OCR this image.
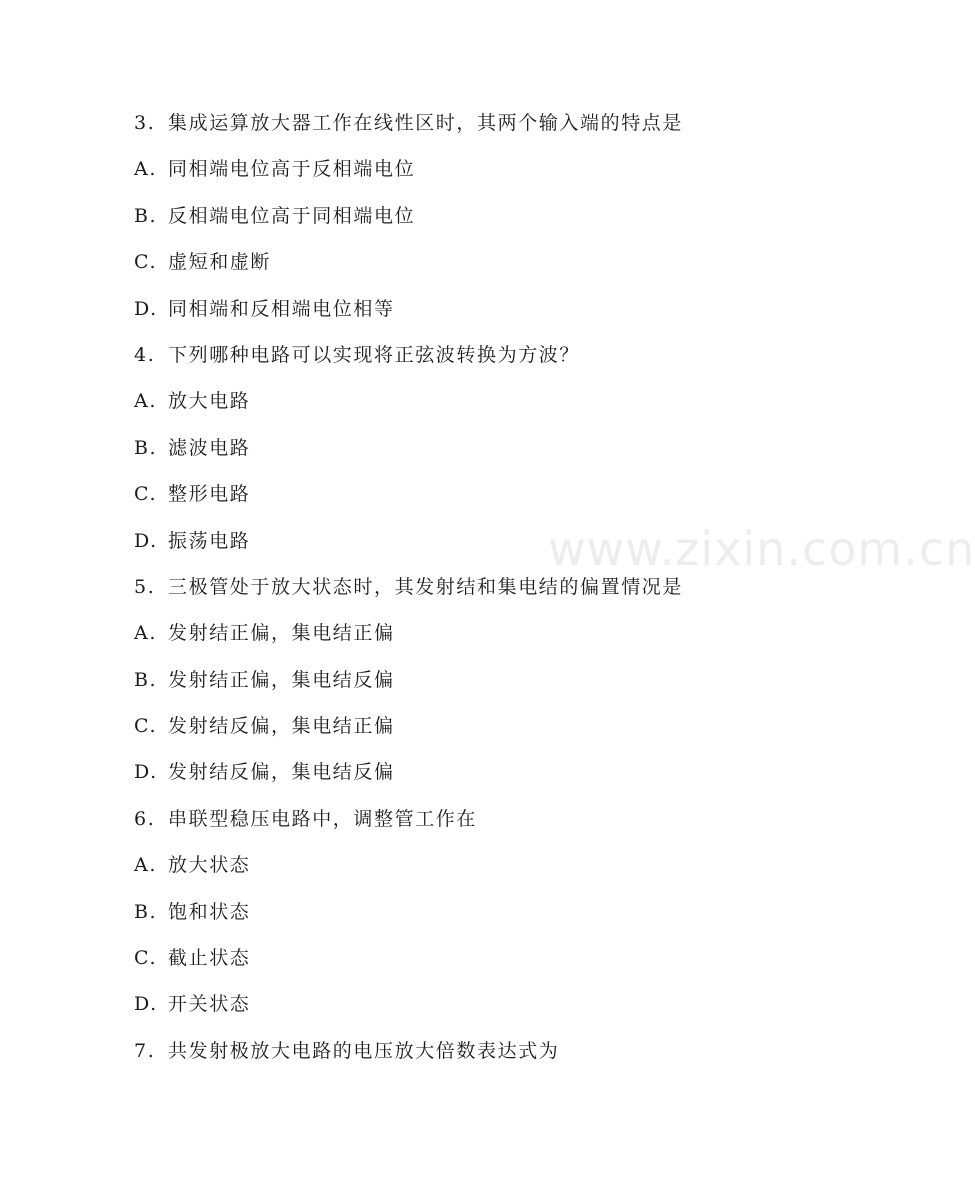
3. 集成运算放大器工作在线性区时，其两个输入端的特点是
A. 同相端电位高于反相端电位
B. 反相端电位高于同相端电位
C. 虚短和虚断
D. 同相端和反相端电位相等
4. 下列哪种电路可以实现将正弦波转换为方波？
A. 放大电路
B. 滤波电路
C. 整形电路
D. 振荡电路
5. 三极管处于放大状态时，其发射结和集电结的偏置情况是
A. 发射结正偏，集电结正偏
B. 发射结正偏，集电结反偏
C. 发射结反偏，集电结正偏
D. 发射结反偏，集电结反偏
6. 串联型稳压电路中，调整管工作在
A. 放大状态
B. 饱和状态
C. 截止状态
D. 开关状态
7. 共发射极放大电路的电压放大倍数表达式为
www.zixin.com.cn
